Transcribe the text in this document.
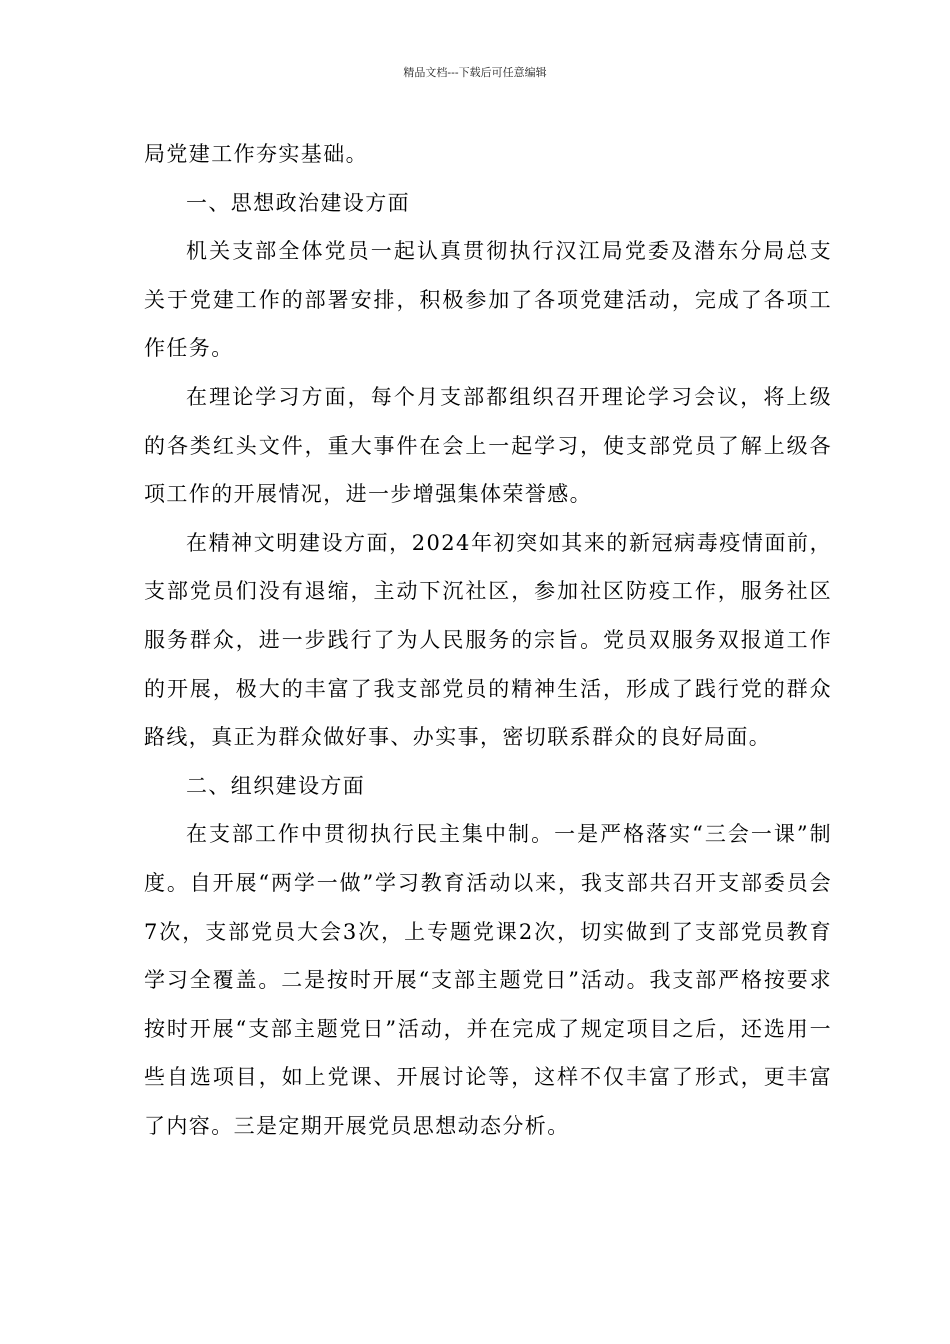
精品文档---下载后可任意编辑

局党建工作夯实基础。

一、思想政治建设方面

机关支部全体党员一起认真贯彻执行汉江局党委及潜东分局总支关于党建工作的部署安排，积极参加了各项党建活动，完成了各项工作任务。

在理论学习方面，每个月支部都组织召开理论学习会议，将上级的各类红头文件，重大事件在会上一起学习，使支部党员了解上级各项工作的开展情况，进一步增强集体荣誉感。

在精神文明建设方面，2024年初突如其来的新冠病毒疫情面前，支部党员们没有退缩，主动下沉社区，参加社区防疫工作，服务社区服务群众，进一步践行了为人民服务的宗旨。党员双服务双报道工作的开展，极大的丰富了我支部党员的精神生活，形成了践行党的群众路线，真正为群众做好事、办实事，密切联系群众的良好局面。

二、组织建设方面

在支部工作中贯彻执行民主集中制。一是严格落实“三会一课”制度。自开展“两学一做”学习教育活动以来，我支部共召开支部委员会7次，支部党员大会3次，上专题党课2次，切实做到了支部党员教育学习全覆盖。二是按时开展“支部主题党日”活动。我支部严格按要求按时开展“支部主题党日”活动，并在完成了规定项目之后，还选用一些自选项目，如上党课、开展讨论等，这样不仅丰富了形式，更丰富了内容。三是定期开展党员思想动态分析。
